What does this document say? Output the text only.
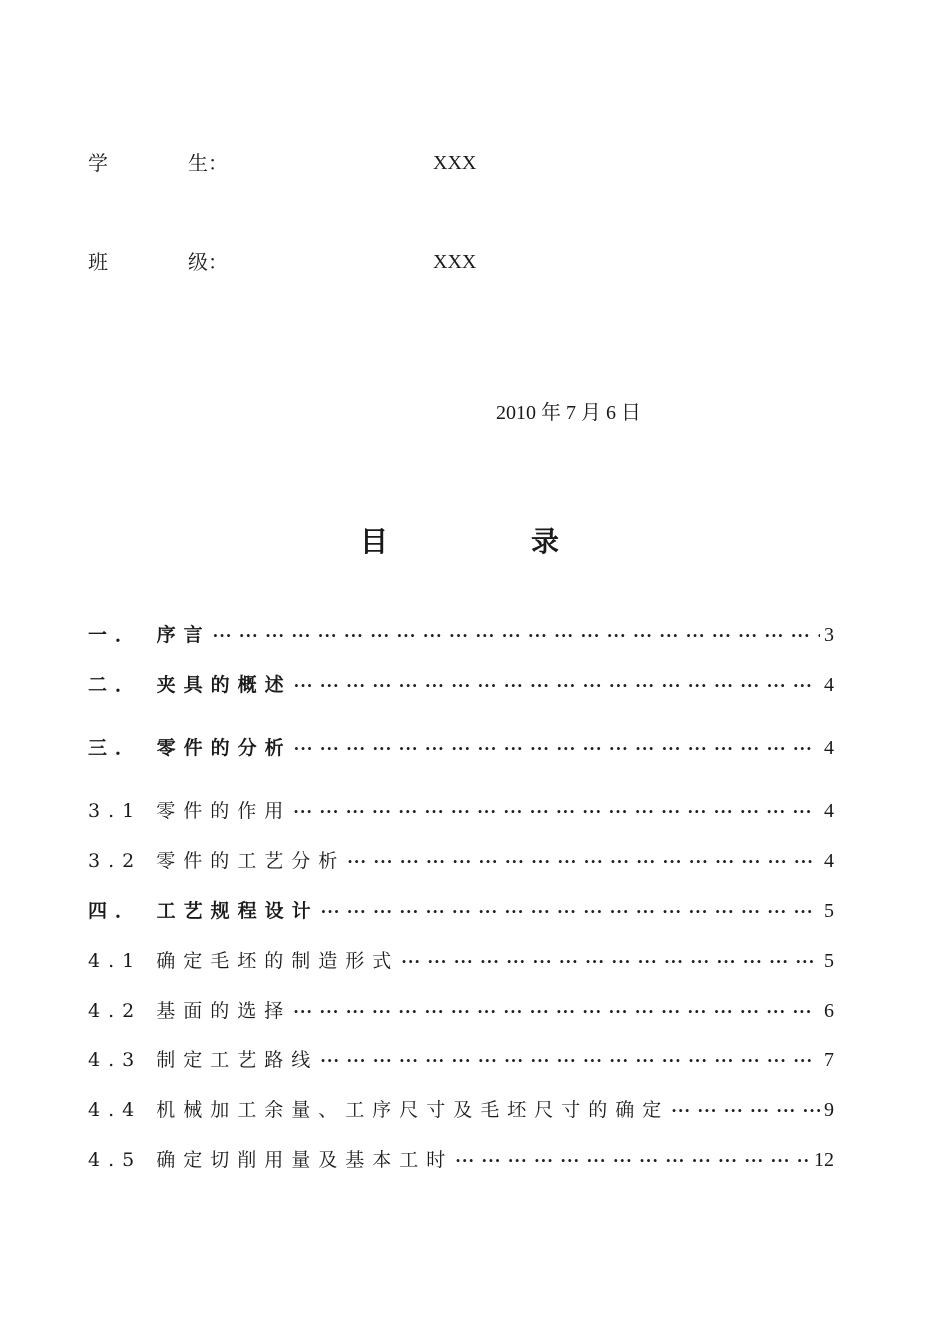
学	生：	XXX
班	级：	XXX
2010 年 7 月 6 日
目	录
一． 序言 ··· ·	3
二． 夹具的概述 ··· ·	4
三． 零件的分析 ··· ·	4
3.1 零件的作用 ··· ·	4
3.2 零件的工艺分析 ··· ·	4
四． 工艺规程设计 ··· ·	5
4.1 确定毛坯的制造形式 ··· ·	5
4.2 基面的选择 ··· ·	6
4.3 制定工艺路线 ··· ·	7
4.4 机械加工余量、工序尺寸及毛坯尺寸的确定 ··· ·	9
4.5 确定切削用量及基本工时 ··· ·	12
